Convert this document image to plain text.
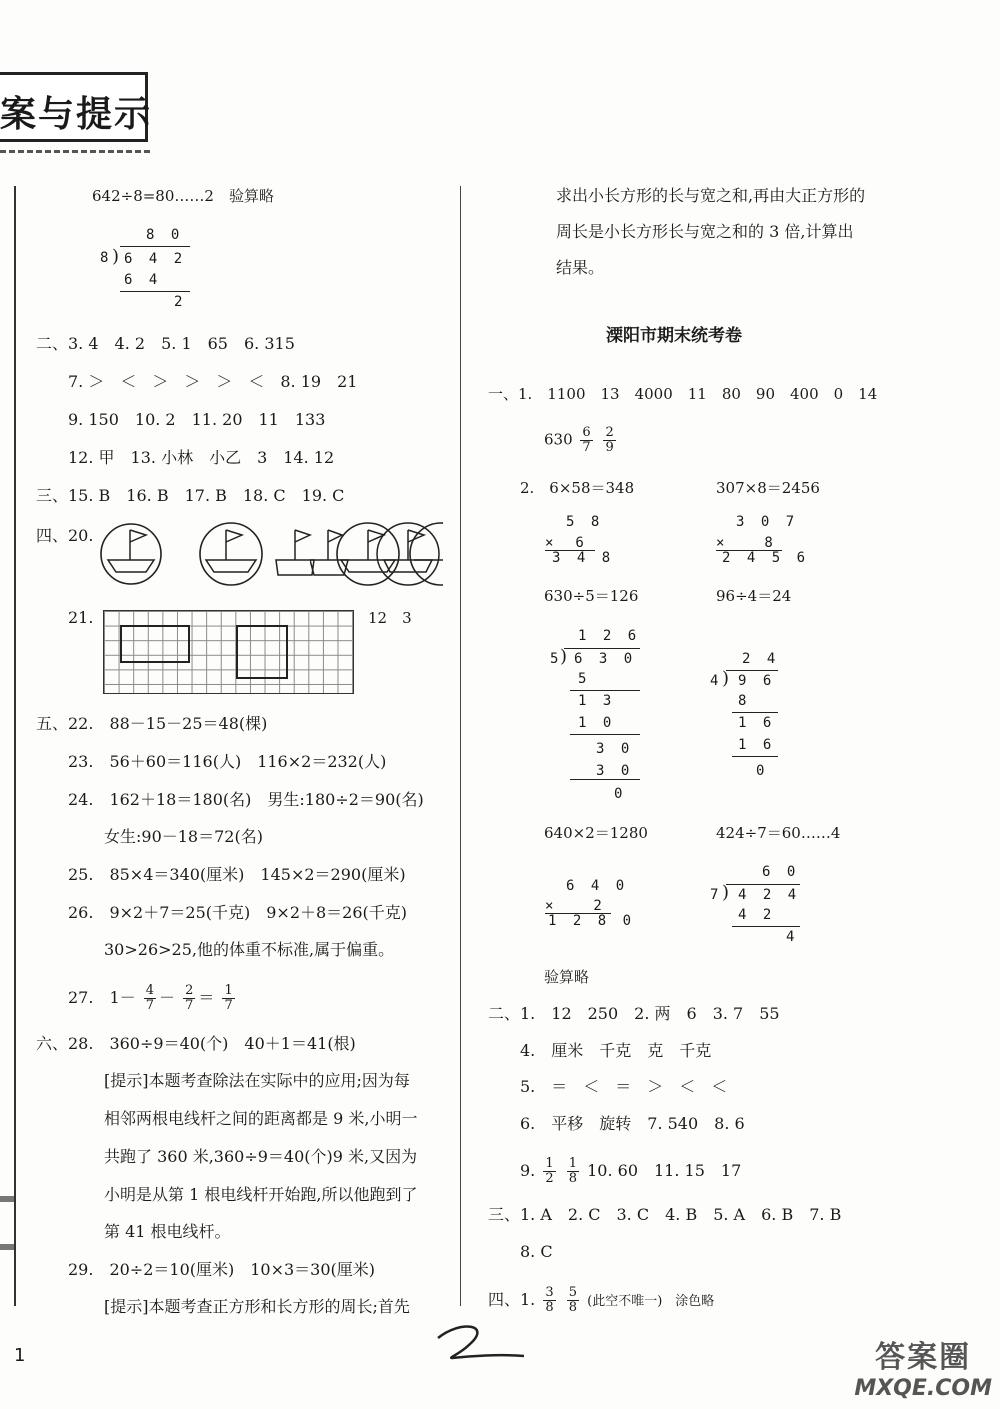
案与提示
642÷8=80……2　验算略
8 0
8 ) 6 4 2
6 4
2
二、3. 4　4. 2　5. 1　65　6. 315
7. ＞　＜　＞　＞　＞　＜　8. 19　21
9. 150　10. 2　11. 20　11　133
12. 甲　13. 小林　小乙　3　14. 12
三、15. B　16. B　17. B　18. C　19. C
四、20.
21.	12　3
五、22.　88－15－25＝48(棵)
23.　56＋60＝116(人)　116×2＝232(人)
24.　162＋18＝180(名)　男生:180÷2＝90(名)
女生:90－18＝72(名)
25.　85×4＝340(厘米)　145×2＝290(厘米)
26.　9×2＋7＝25(千克)　9×2＋8＝26(千克)
30>26>25,他的体重不标准,属于偏重。
27.　$1- \frac{4}{7} - \frac{2}{7} = \frac{1}{7}$
六、28.　360÷9＝40(个)　40＋1＝41(根)
[提示]本题考查除法在实际中的应用;因为每
相邻两根电线杆之间的距离都是 9 米,小明一
共跑了 360 米,360÷9＝40(个)9 米,又因为
小明是从第 1 根电线杆开始跑,所以他跑到了
第 41 根电线杆。
29.　20÷2＝10(厘米)　10×3＝30(厘米)
[提示]本题考查正方形和长方形的周长;首先
1
求出小长方形的长与宽之和,再由大正方形的
周长是小长方形长与宽之和的 3 倍,计算出
结果。
溧阳市期末统考卷
一、1.　1100　13　4000　11　80　90　400　0　14
$630 \frac{6}{7}$
$\frac{2}{9}$
2.　6×58＝348	307×8＝2456
5 8
×　6
3 4 8
3 0 7
×　　8
2 4 5 6
630÷5＝126	96÷4＝24
1 2 6
5
) 6 3 0
5
1 3
1 0
　3 0
　3 0
　　0
2 4
4 ) 9 6
8
1 6
1 6
　0
640×2＝1280	424÷7＝60……4
6 4 0
×　　2
1 2 8 0
6 0
7 ) 4 2 4
4 2
4
验算略
二、1.　12　250　2. 两　6　3. 7　55
4.　厘米　千克　克　千克
5.　＝　＜　＝　＞　＜　＜
6.　平移　旋转　7. 540　8. 6
9. $\frac{1}{2}$
$\frac{1}{8} 10$. 60　11. 15　17
三、1. A　2. C　3. C　4. B　5. A　6. B　7. B
8. C
四、1. $\frac{3}{8}$
$\frac{5}{8}$ (此空不唯一)　涂色略
答案圈
MXQE.COM
